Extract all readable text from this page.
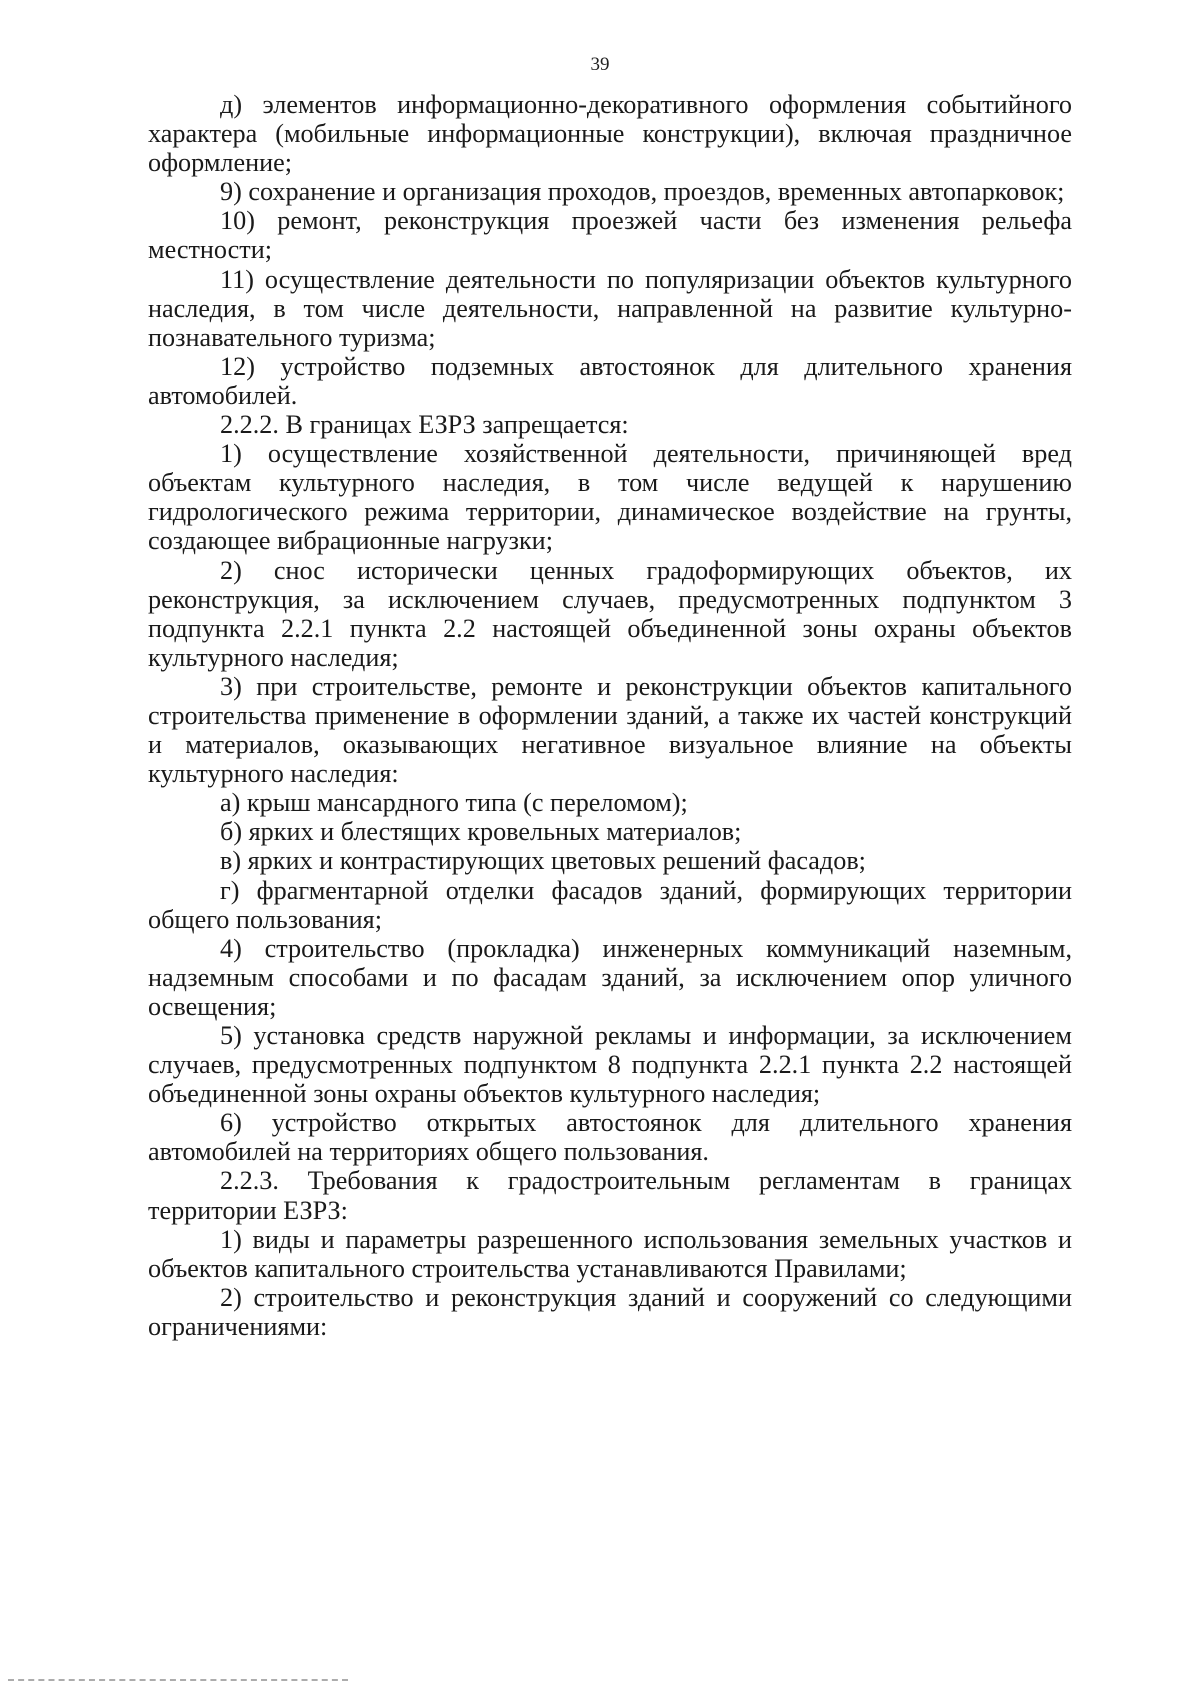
39

д) элементов информационно-декоративного оформления событийного характера (мобильные информационные конструкции), включая праздничное оформление;

9) сохранение и организация проходов, проездов, временных автопарковок;

10) ремонт, реконструкция проезжей части без изменения рельефа местности;

11) осуществление деятельности по популяризации объектов культурного наследия, в том числе деятельности, направленной на развитие культурно-познавательного туризма;

12) устройство подземных автостоянок для длительного хранения автомобилей.

2.2.2. В границах ЕЗРЗ запрещается:

1) осуществление хозяйственной деятельности, причиняющей вред объектам культурного наследия, в том числе ведущей к нарушению гидрологического режима территории, динамическое воздействие на грунты, создающее вибрационные нагрузки;

2) снос исторически ценных градоформирующих объектов, их реконструкция, за исключением случаев, предусмотренных подпунктом 3 подпункта 2.2.1 пункта 2.2 настоящей объединенной зоны охраны объектов культурного наследия;

3) при строительстве, ремонте и реконструкции объектов капитального строительства применение в оформлении зданий, а также их частей конструкций и материалов, оказывающих негативное визуальное влияние на объекты культурного наследия:

а) крыш мансардного типа (с переломом);

б) ярких и блестящих кровельных материалов;

в) ярких и контрастирующих цветовых решений фасадов;

г) фрагментарной отделки фасадов зданий, формирующих территории общего пользования;

4) строительство (прокладка) инженерных коммуникаций наземным, надземным способами и по фасадам зданий, за исключением опор уличного освещения;

5) установка средств наружной рекламы и информации, за исключением случаев, предусмотренных подпунктом 8 подпункта 2.2.1 пункта 2.2 настоящей объединенной зоны охраны объектов культурного наследия;

6) устройство открытых автостоянок для длительного хранения автомобилей на территориях общего пользования.

2.2.3. Требования к градостроительным регламентам в границах территории ЕЗРЗ:

1) виды и параметры разрешенного использования земельных участков и объектов капитального строительства устанавливаются Правилами;

2) строительство и реконструкция зданий и сооружений со следующими ограничениями:
